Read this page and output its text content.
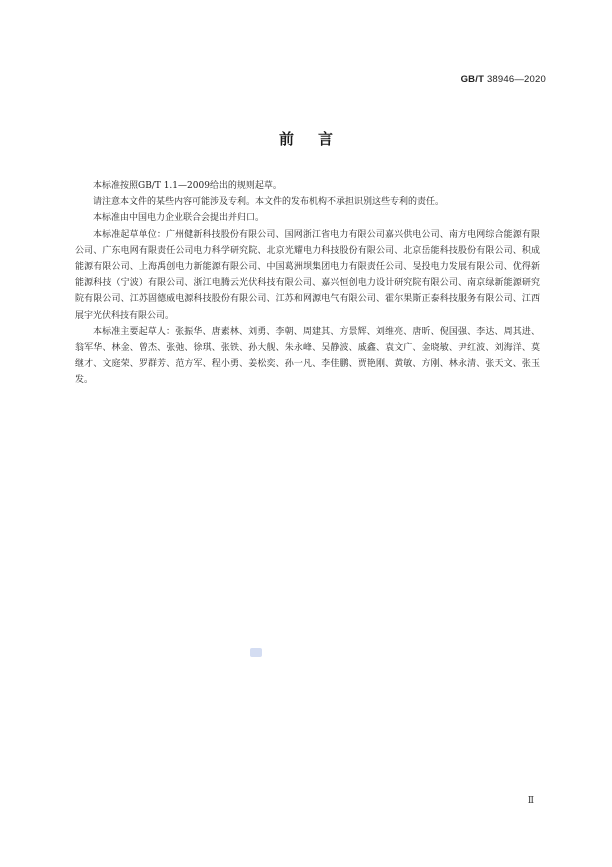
GB/T 38946—2020
前言

本标准按照GB/T 1.1—2009给出的规则起草。

请注意本文件的某些内容可能涉及专利。本文件的发布机构不承担识别这些专利的责任。

本标准由中国电力企业联合会提出并归口。

本标准起草单位：广州健新科技股份有限公司、国网浙江省电力有限公司嘉兴供电公司、南方电网综合能源有限公司、广东电网有限责任公司电力科学研究院、北京光耀电力科技股份有限公司、北京岳能科技股份有限公司、积成能源有限公司、上海禹创电力新能源有限公司、中国葛洲坝集团电力有限责任公司、旻投电力发展有限公司、优得新能源科技（宁波）有限公司、浙江电腾云光伏科技有限公司、嘉兴恒创电力设计研究院有限公司、南京绿新能源研究院有限公司、江苏固德威电源科技股份有限公司、江苏和网源电气有限公司、霍尔果斯正泰科技服务有限公司、江西展宇光伏科技有限公司。

本标准主要起草人：张振华、唐素林、刘勇、李朝、周建其、方景辉、刘维亮、唐昕、倪国强、李达、周其进、翁军华、林金、曾杰、张弛、徐琪、张铁、孙大舰、朱永峰、吴静波、戚鑫、袁文广、金晓敏、尹红波、刘海洋、莫继才、文庭荣、罗群芳、范方军、程小勇、姜松奕、孙一凡、李佳鹏、贾艳刚、黄敏、方刚、林永清、张天文、张玉发。

Ⅱ
